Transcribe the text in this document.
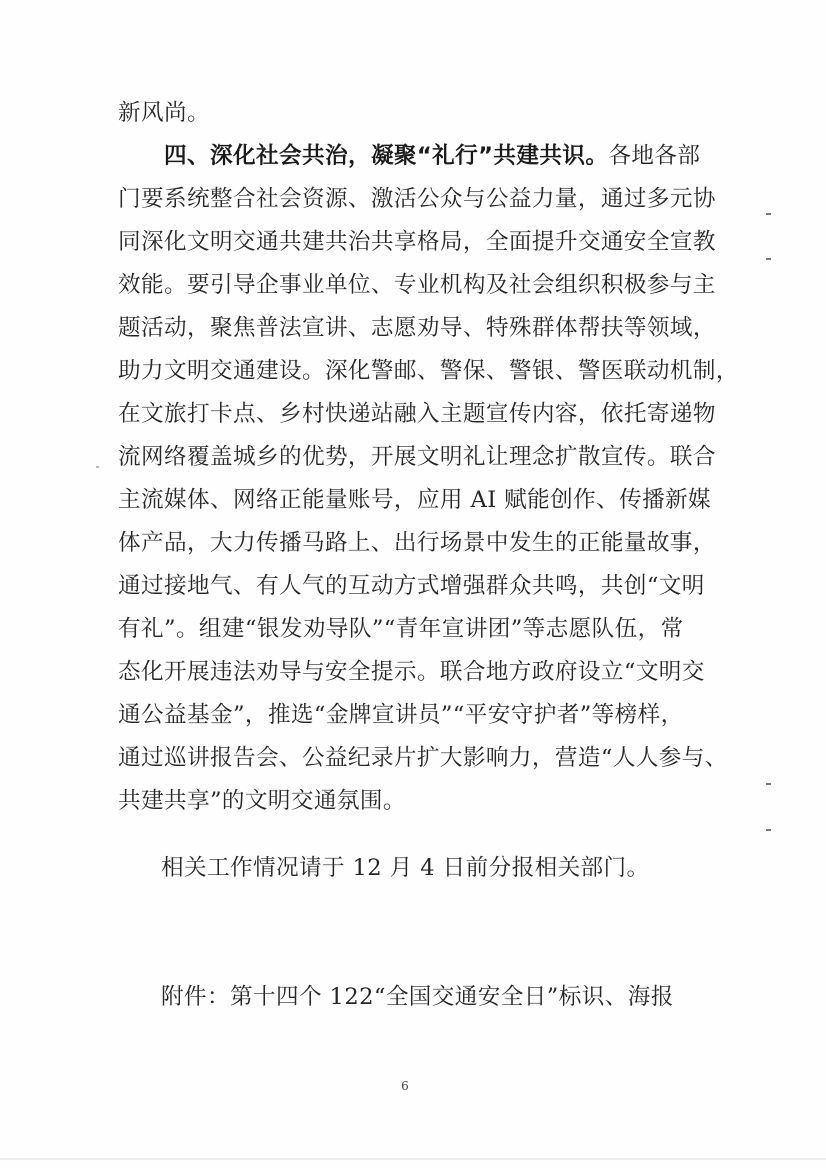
新风尚。
四、深化社会共治，凝聚“礼行”共建共识。各地各部
门要系统整合社会资源、激活公众与公益力量，通过多元协
同深化文明交通共建共治共享格局，全面提升交通安全宣教
效能。要引导企事业单位、专业机构及社会组织积极参与主
题活动，聚焦普法宣讲、志愿劝导、特殊群体帮扶等领域，
助力文明交通建设。深化警邮、警保、警银、警医联动机制，
在文旅打卡点、乡村快递站融入主题宣传内容，依托寄递物
流网络覆盖城乡的优势，开展文明礼让理念扩散宣传。联合
主流媒体、网络正能量账号，应用 AI 赋能创作、传播新媒
体产品，大力传播马路上、出行场景中发生的正能量故事，
通过接地气、有人气的互动方式增强群众共鸣，共创“文明
有礼”。组建“银发劝导队”“青年宣讲团”等志愿队伍，常
态化开展违法劝导与安全提示。联合地方政府设立“文明交
通公益基金”，推选“金牌宣讲员”“平安守护者”等榜样，
通过巡讲报告会、公益纪录片扩大影响力，营造“人人参与、
共建共享”的文明交通氛围。
相关工作情况请于 12 月 4 日前分报相关部门。
附件：第十四个 122“全国交通安全日”标识、海报
6
